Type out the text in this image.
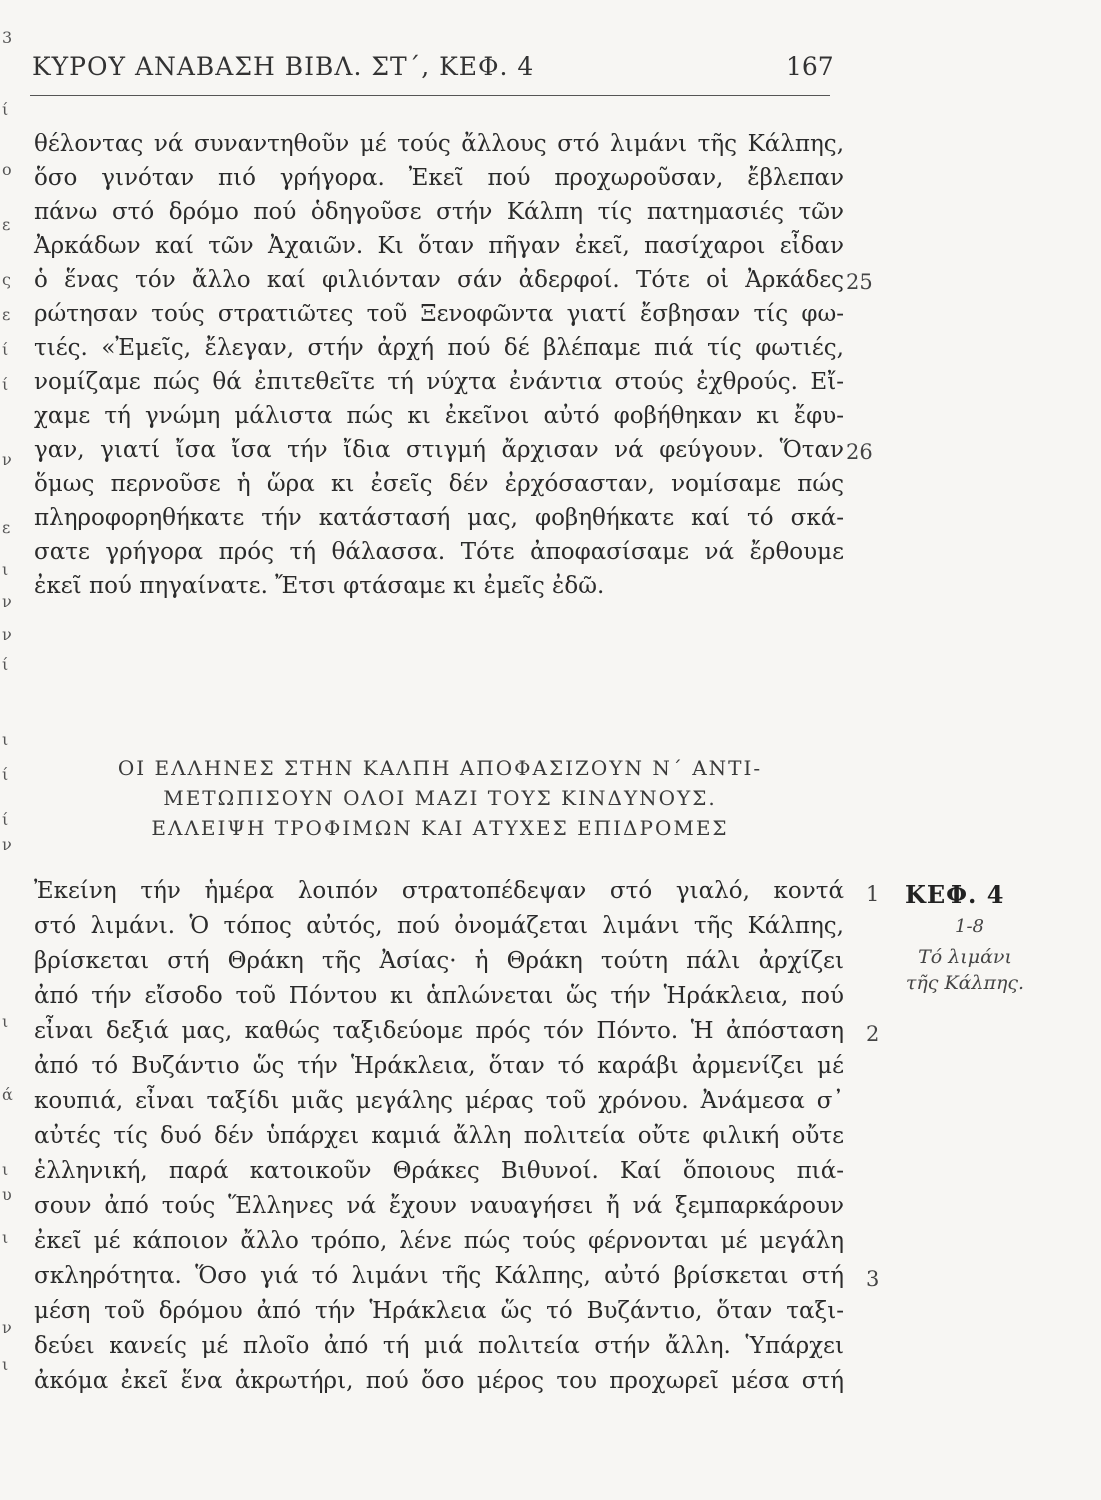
3
ί
ο
ε
ς
ε
ί
ί
ν
ε
ι
ν
ν
ί
ι
ί
ί
ν
ι
ά
ι
υ
ι
ν
ι
ΚΥΡΟΥ ΑΝΑΒΑΣΗ ΒΙΒΛ. ΣΤ΄, ΚΕΦ. 4	167
θέλοντας νά συναντηθοῦν μέ τούς ἄλλους στό λιμάνι τῆς Κάλπης,
ὅσο γινόταν πιό γρήγορα. Ἐκεῖ πού προχωροῦσαν, ἔβλεπαν
πάνω στό δρόμο πού ὁδηγοῦσε στήν Κάλπη τίς πατημασιές τῶν
Ἀρκάδων καί τῶν Ἀχαιῶν. Κι ὅταν πῆγαν ἐκεῖ, πασίχαροι εἶδαν
ὁ ἕνας τόν ἄλλο καί φιλιόνταν σάν ἀδερφοί. Τότε οἱ Ἀρκάδες
ρώτησαν τούς στρατιῶτες τοῦ Ξενοφῶντα γιατί ἔσβησαν τίς φω-
τιές. «Ἐμεῖς, ἔλεγαν, στήν ἀρχή πού δέ βλέπαμε πιά τίς φωτιές,
νομίζαμε πώς θά ἐπιτεθεῖτε τή νύχτα ἐνάντια στούς ἐχθρούς. Εἴ-
χαμε τή γνώμη μάλιστα πώς κι ἐκεῖνοι αὐτό φοβήθηκαν κι ἔφυ-
γαν, γιατί ἴσα ἴσα τήν ἴδια στιγμή ἄρχισαν νά φεύγουν. Ὅταν
ὅμως περνοῦσε ἡ ὥρα κι ἐσεῖς δέν ἐρχόσασταν, νομίσαμε πώς
πληροφορηθήκατε τήν κατάστασή μας, φοβηθήκατε καί τό σκά-
σατε γρήγορα πρός τή θάλασσα. Τότε ἀποφασίσαμε νά ἔρθουμε
ἐκεῖ πού πηγαίνατε. Ἔτσι φτάσαμε κι ἐμεῖς ἐδῶ.
25
26
ΟΙ ΕΛΛΗΝΕΣ ΣΤΗΝ ΚΑΛΠΗ ΑΠΟΦΑΣΙΖΟΥΝ Ν΄ ΑΝΤΙ-
ΜΕΤΩΠΙΣΟΥΝ ΟΛΟΙ ΜΑΖΙ ΤΟΥΣ ΚΙΝΔΥΝΟΥΣ.
ΕΛΛΕΙΨΗ ΤΡΟΦΙΜΩΝ ΚΑΙ ΑΤΥΧΕΣ ΕΠΙΔΡΟΜΕΣ
Ἐκείνη τήν ἡμέρα λοιπόν στρατοπέδεψαν στό γιαλό, κοντά
στό λιμάνι. Ὁ τόπος αὐτός, πού ὀνομάζεται λιμάνι τῆς Κάλπης,
βρίσκεται στή Θράκη τῆς Ἀσίας· ἡ Θράκη τούτη πάλι ἀρχίζει
ἀπό τήν εἴσοδο τοῦ Πόντου κι ἁπλώνεται ὥς τήν Ἡράκλεια, πού
εἶναι δεξιά μας, καθώς ταξιδεύομε πρός τόν Πόντο. Ἡ ἀπόσταση
ἀπό τό Βυζάντιο ὥς τήν Ἡράκλεια, ὅταν τό καράβι ἀρμενίζει μέ
κουπιά, εἶναι ταξίδι μιᾶς μεγάλης μέρας τοῦ χρόνου. Ἀνάμεσα σ᾽
αὐτές τίς δυό δέν ὑπάρχει καμιά ἄλλη πολιτεία οὔτε φιλική οὔτε
ἑλληνική, παρά κατοικοῦν Θράκες Βιθυνοί. Καί ὅποιους πιά-
σουν ἀπό τούς Ἕλληνες νά ἔχουν ναυαγήσει ἤ νά ξεμπαρκάρουν
ἐκεῖ μέ κάποιον ἄλλο τρόπο, λένε πώς τούς φέρνονται μέ μεγάλη
σκληρότητα. Ὅσο γιά τό λιμάνι τῆς Κάλπης, αὐτό βρίσκεται στή
μέση τοῦ δρόμου ἀπό τήν Ἡράκλεια ὥς τό Βυζάντιο, ὅταν ταξι-
δεύει κανείς μέ πλοῖο ἀπό τή μιά πολιτεία στήν ἄλλη. Ὑπάρχει
ἀκόμα ἐκεῖ ἕνα ἀκρωτήρι, πού ὅσο μέρος του προχωρεῖ μέσα στή
1
2
3
ΚΕΦ. 4
1-8
Τό λιμάνι
τῆς Κάλπης.
